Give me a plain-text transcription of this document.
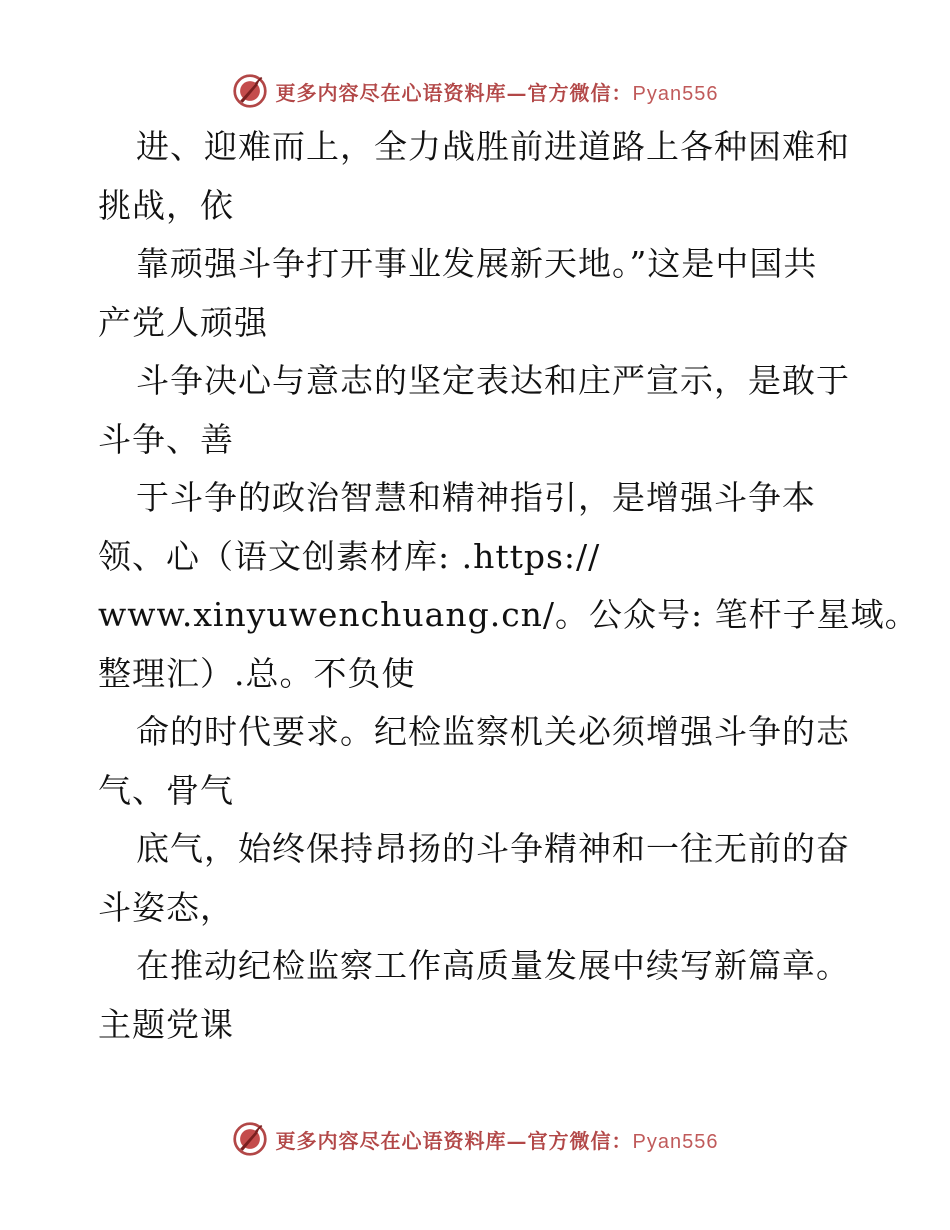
更多内容尽在心语资料库—官方微信：Pyan556
进、迎难而上，全力战胜前进道路上各种困难和
挑战，依
靠顽强斗争打开事业发展新天地。”这是中国共
产党人顽强
斗争决心与意志的坚定表达和庄严宣示，是敢于
斗争、善
于斗争的政治智慧和精神指引，是增强斗争本
领、心（语文创素材库: .https://
www.xinyuwenchuang.cn/。公众号: 笔杆子星域。
整理汇）.总。不负使
命的时代要求。纪检监察机关必须增强斗争的志
气、骨气
底气，始终保持昂扬的斗争精神和一往无前的奋
斗姿态，
在推动纪检监察工作高质量发展中续写新篇章。
主题党课
更多内容尽在心语资料库—官方微信：Pyan556
